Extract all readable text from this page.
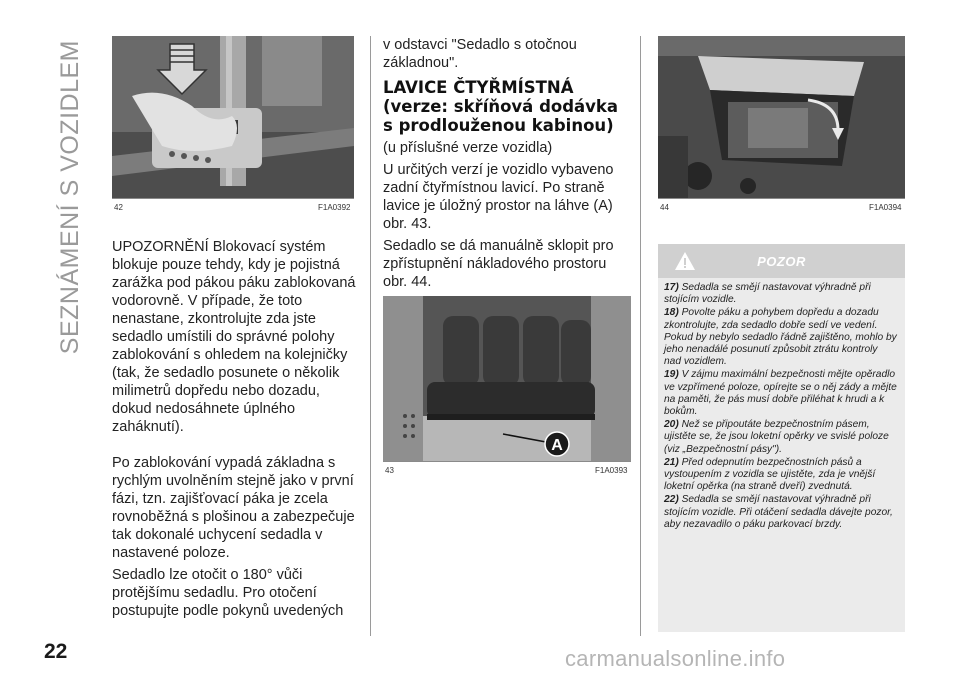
SEZNÁMENÍ S VOZIDLEM	42	F1A0392

UPOZORNĚNÍ Blokovací systém blokuje pouze tehdy, kdy je pojistná zarážka pod pákou páku zablokovaná vodorovně. V případe, že toto nenastane, zkontrolujte zda jste sedadlo umístili do správné polohy zablokování s ohledem na kolejničky (tak, že sedadlo posunete o několik milimetrů dopředu nebo dozadu, dokud nedosáhnete úplného zaháknutí).

Po zablokování vypadá základna s rychlým uvolněním stejně jako v první fázi, tzn. zajišťovací páka je zcela rovnoběžná s plošinou a zabezpečuje tak dokonalé uchycení sedadla v nastavené poloze.

Sedadlo lze otočit o 180° vůči protějšímu sedadlu. Pro otočení postupujte podle pokynů uvedených

v odstavci "Sedadlo s otočnou základnou".

LAVICE ČTYŘMÍSTNÁ (verze: skříňová dodávka s prodlouženou kabinou)

(u příslušné verze vozidla)

U určitých verzí je vozidlo vybaveno zadní čtyřmístnou lavicí. Po straně lavice je úložný prostor na láhve (A) obr. 43.

Sedadlo se dá manuálně sklopit pro zpřístupnění nákladového prostoru obr. 44.

A
43	F1A0393
44	F1A0394
POZOR

17) Sedadla se smějí nastavovat výhradně při stojícím vozidle.

18) Povolte páku a pohybem dopředu a dozadu zkontrolujte, zda sedadlo dobře sedí ve vedení. Pokud by nebylo sedadlo řádně zajištěno, mohlo by jeho nenadálé posunutí způsobit ztrátu kontroly nad vozidlem.

19) V zájmu maximální bezpečnosti mějte opěradlo ve vzpřímené poloze, opírejte se o něj zády a mějte na paměti, že pás musí dobře přiléhat k hrudi a k bokům.

20) Než se připoutáte bezpečnostním pásem, ujistěte se, že jsou loketní opěrky ve svislé poloze (viz „Bezpečnostní pásy").

21) Před odepnutím bezpečnostních pásů a vystoupením z vozidla se ujistěte, zda je vnější loketní opěrka (na straně dveří) zvednutá.

22) Sedadla se smějí nastavovat výhradně při stojícím vozidle. Při otáčení sedadla dávejte pozor, aby nezavadilo o páku parkovací brzdy.

22	carmanualsonline.info
